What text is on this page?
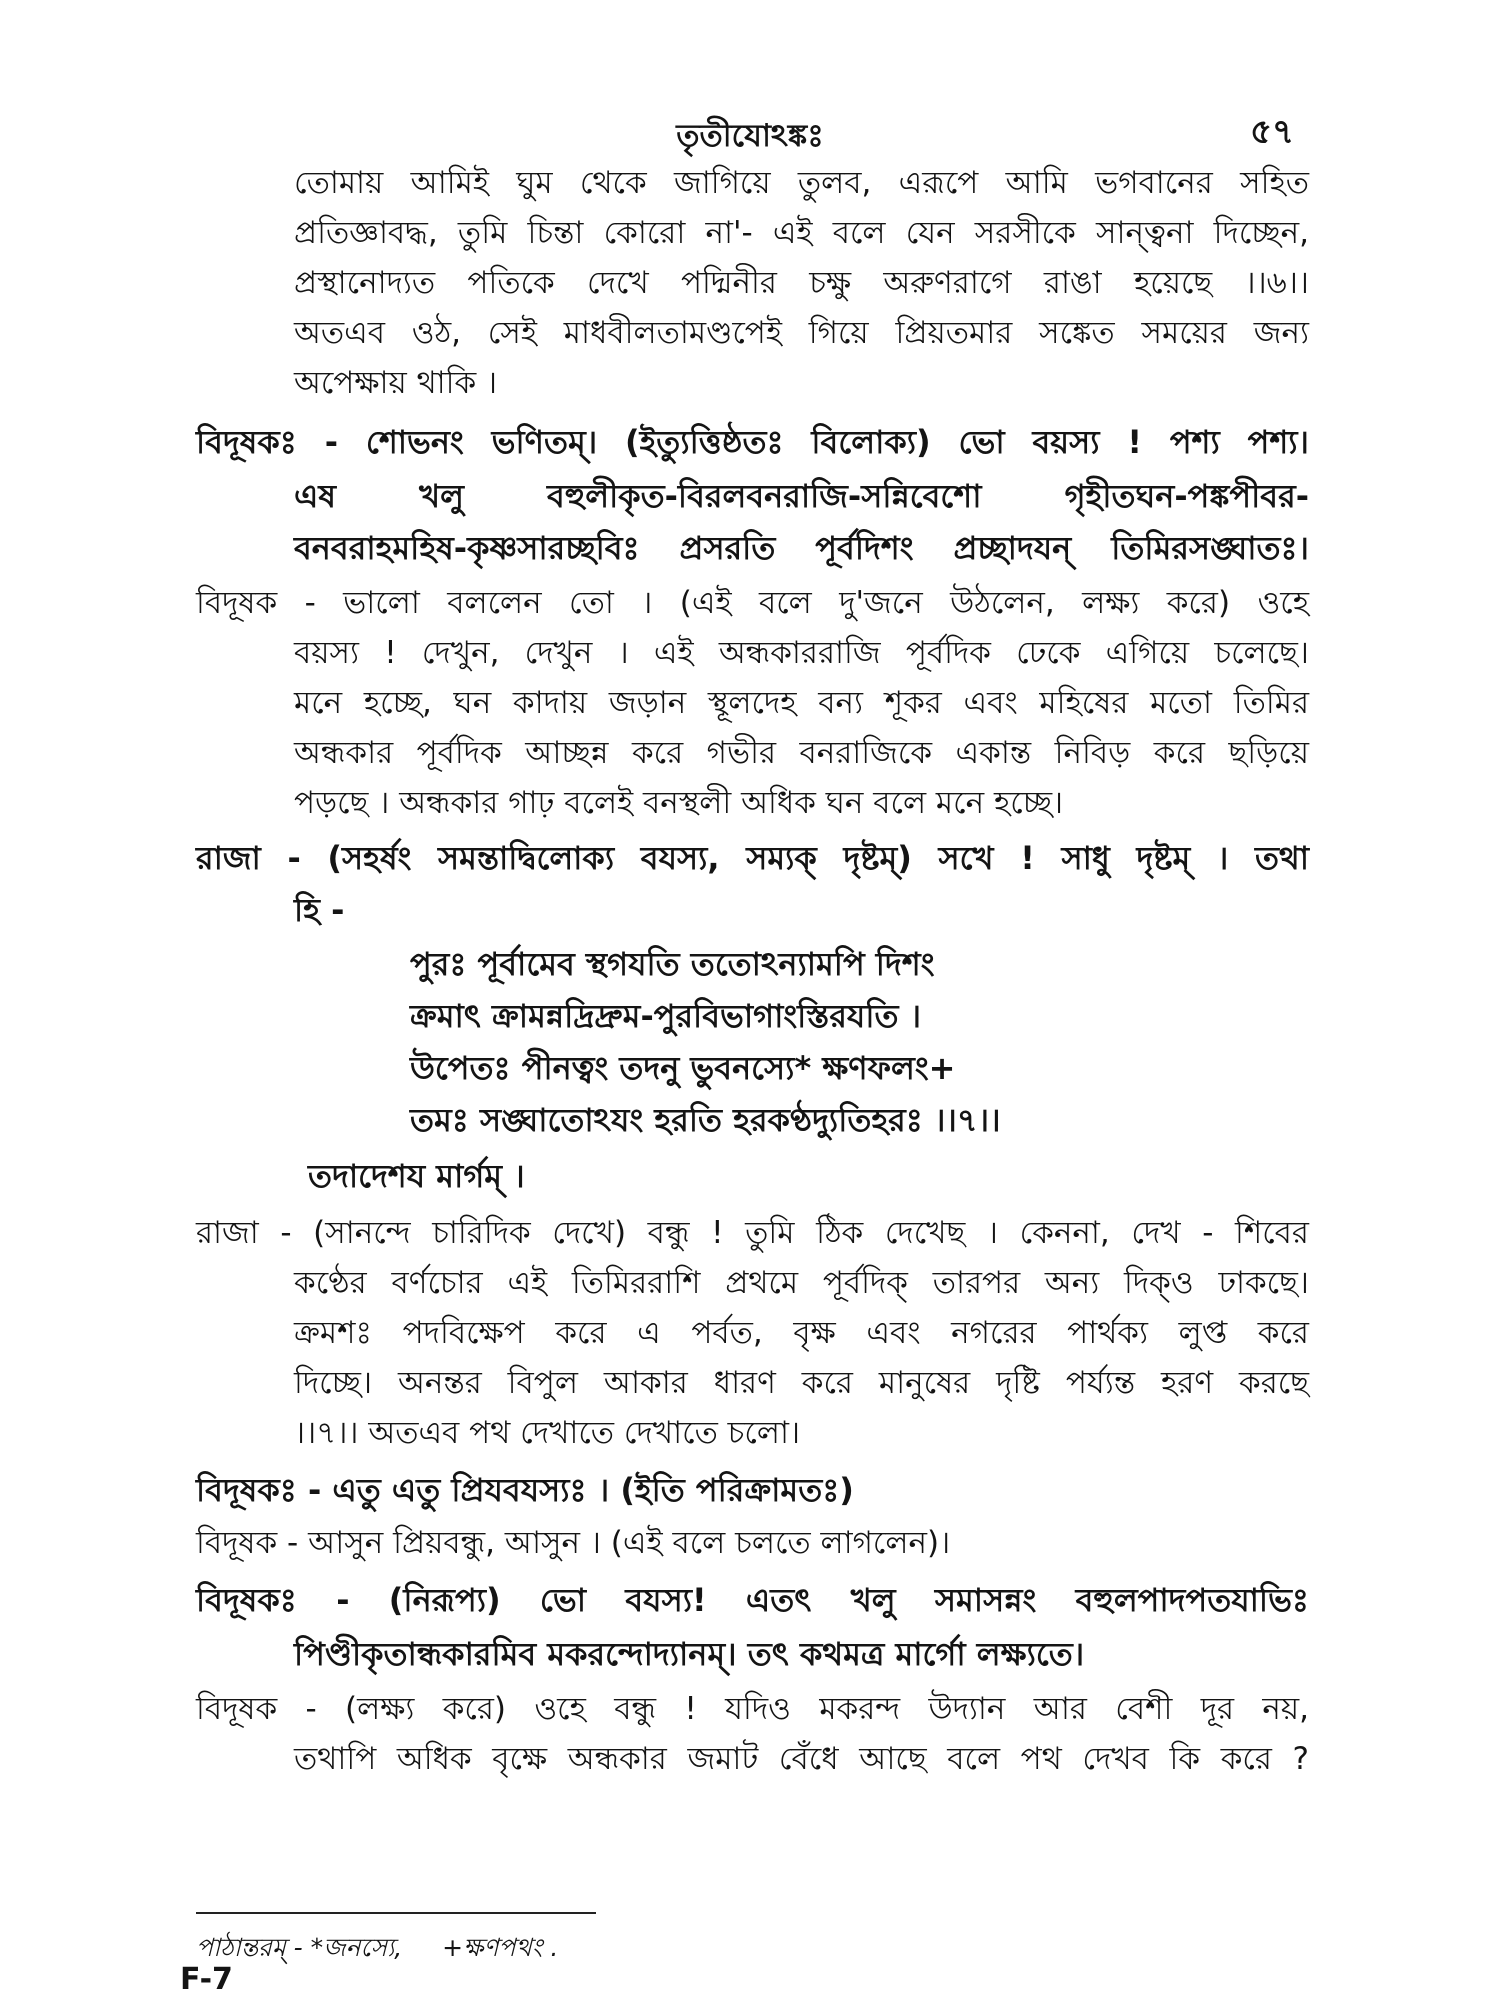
তৃতীযোঽঙ্কঃ	৫৭
তোমায় আমিই ঘুম থেকে জাগিয়ে তুলব, এরূপে আমি ভগবানের সহিত
প্রতিজ্ঞাবদ্ধ, তুমি চিন্তা কোরো না'- এই বলে যেন সরসীকে সান্ত্বনা দিচ্ছেন,
প্রস্থানোদ্যত পতিকে দেখে পদ্মিনীর চক্ষু অরুণরাগে রাঙা হয়েছে ।।৬।।
অতএব ওঠ, সেই মাধবীলতামণ্ডপেই গিয়ে প্রিয়তমার সঙ্কেত সময়ের জন্য
অপেক্ষায় থাকি ।
বিদূষকঃ - শোভনং ভণিতম্। (ইত্যুত্তিষ্ঠতঃ বিলোক্য) ভো বয়স্য ! পশ্য পশ্য।
এষ খলু বহুলীকৃত-বিরলবনরাজি-সন্নিবেশো গৃহীতঘন-পঙ্কপীবর-
বনবরাহমহিষ-কৃষ্ণসারচ্ছবিঃ প্রসরতি পূর্বদিশং প্রচ্ছাদযন্ তিমিরসঙ্ঘাতঃ।
বিদূষক - ভালো বললেন তো । (এই বলে দু'জনে উঠলেন, লক্ষ্য করে) ওহে
বয়স্য ! দেখুন, দেখুন । এই অন্ধকাররাজি পূর্বদিক ঢেকে এগিয়ে চলেছে।
মনে হচ্ছে, ঘন কাদায় জড়ান স্থূলদেহ বন্য শূকর এবং মহিষের মতো তিমির
অন্ধকার পূর্বদিক আচ্ছন্ন করে গভীর বনরাজিকে একান্ত নিবিড় করে ছড়িয়ে
পড়ছে । অন্ধকার গাঢ় বলেই বনস্থলী অধিক ঘন বলে মনে হচ্ছে।
রাজা - (সহর্ষং সমন্তাদ্বিলোক্য বযস্য, সম্যক্ দৃষ্টম্) সখে ! সাধু দৃষ্টম্ । তথা
হি -
পুরঃ পূর্বামেব স্থগযতি ততোঽন্যামপি দিশং
ক্রমাৎ ক্রামন্নদ্রিদ্রুম-পুরবিভাগাংস্তিরযতি ।
উপেতঃ পীনত্বং তদনু ভুবনস্যে* ক্ষণফলং+
তমঃ সঙ্ঘাতোঽযং হরতি হরকণ্ঠদ্যুতিহরঃ ।।৭।।
তদাদেশয মার্গম্ ।
রাজা - (সানন্দে চারিদিক দেখে) বন্ধু ! তুমি ঠিক দেখেছ । কেননা, দেখ - শিবের
কণ্ঠের বর্ণচোর এই তিমিররাশি প্রথমে পূর্বদিক্ তারপর অন্য দিক্ও ঢাকছে।
ক্রমশঃ পদবিক্ষেপ করে এ পর্বত, বৃক্ষ এবং নগরের পার্থক্য লুপ্ত করে
দিচ্ছে। অনন্তর বিপুল আকার ধারণ করে মানুষের দৃষ্টি পর্য্যন্ত হরণ করছে
।।৭।। অতএব পথ দেখাতে দেখাতে চলো।
বিদূষকঃ - এতু এতু প্রিযবযস্যঃ । (ইতি পরিক্রামতঃ)
বিদূষক - আসুন প্রিয়বন্ধু, আসুন । (এই বলে চলতে লাগলেন)।
বিদূষকঃ - (নিরূপ্য) ভো বযস্য! এতৎ খলু সমাসন্নং বহুলপাদপতযাভিঃ
পিণ্ডীকৃতান্ধকারমিব মকরন্দোদ্যানম্। তৎ কথমত্র মার্গো লক্ষ্যতে।
বিদূষক - (লক্ষ্য করে) ওহে বন্ধু ! যদিও মকরন্দ উদ্যান আর বেশী দূর নয়,
তথাপি অধিক বৃক্ষে অন্ধকার জমাট বেঁধে আছে বলে পথ দেখব কি করে ?
পাঠান্তরম্ - *জনস্যে, +ক্ষণপথং .
F-7
